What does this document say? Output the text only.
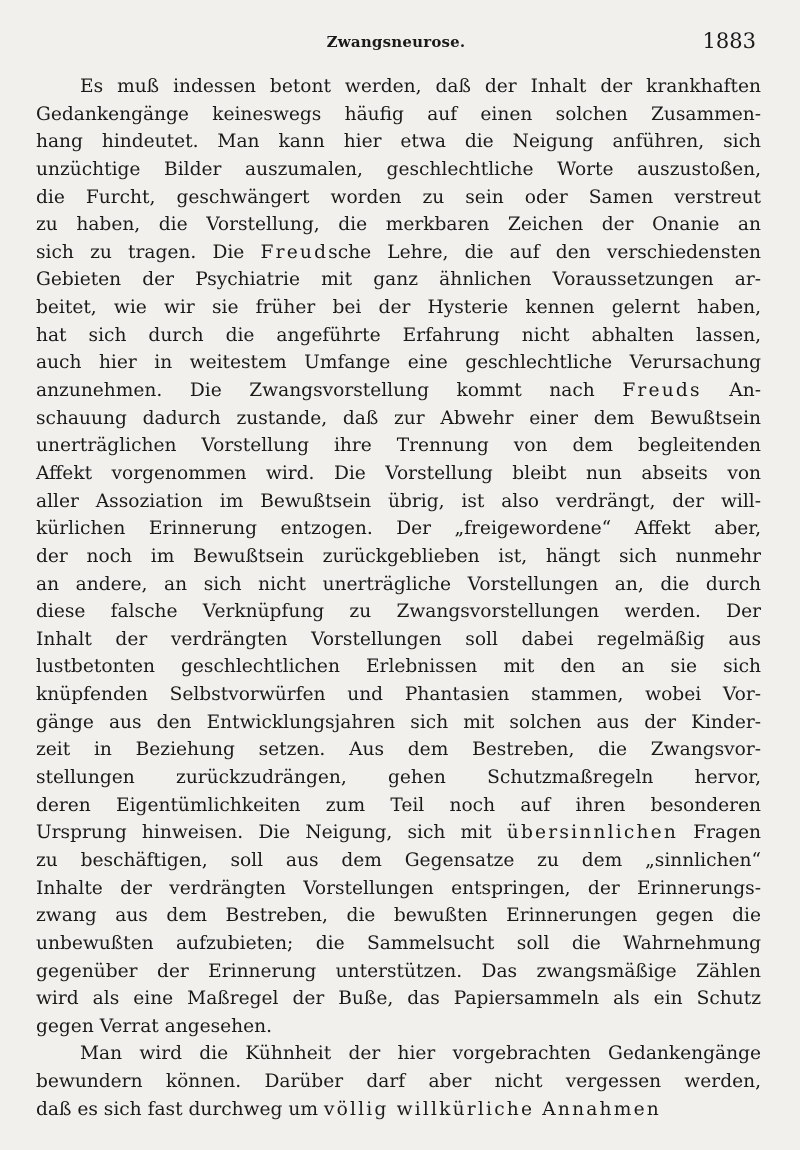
Zwangsneurose.	1883
Es muß indessen betont werden, daß der Inhalt der krankhaften
Gedankengänge keineswegs häufig auf einen solchen Zusammen-
hang hindeutet. Man kann hier etwa die Neigung anführen, sich
unzüchtige Bilder auszumalen, geschlechtliche Worte auszustoßen,
die Furcht, geschwängert worden zu sein oder Samen verstreut
zu haben, die Vorstellung, die merkbaren Zeichen der Onanie an
sich zu tragen. Die Freudsche Lehre, die auf den verschiedensten
Gebieten der Psychiatrie mit ganz ähnlichen Voraussetzungen ar-
beitet, wie wir sie früher bei der Hysterie kennen gelernt haben,
hat sich durch die angeführte Erfahrung nicht abhalten lassen,
auch hier in weitestem Umfange eine geschlechtliche Verursachung
anzunehmen. Die Zwangsvorstellung kommt nach Freuds An-
schauung dadurch zustande, daß zur Abwehr einer dem Bewußtsein
unerträglichen Vorstellung ihre Trennung von dem begleitenden
Affekt vorgenommen wird. Die Vorstellung bleibt nun abseits von
aller Assoziation im Bewußtsein übrig, ist also verdrängt, der will-
kürlichen Erinnerung entzogen. Der „freigewordene“ Affekt aber,
der noch im Bewußtsein zurückgeblieben ist, hängt sich nunmehr
an andere, an sich nicht unerträgliche Vorstellungen an, die durch
diese falsche Verknüpfung zu Zwangsvorstellungen werden. Der
Inhalt der verdrängten Vorstellungen soll dabei regelmäßig aus
lustbetonten geschlechtlichen Erlebnissen mit den an sie sich
knüpfenden Selbstvorwürfen und Phantasien stammen, wobei Vor-
gänge aus den Entwicklungsjahren sich mit solchen aus der Kinder-
zeit in Beziehung setzen. Aus dem Bestreben, die Zwangsvor-
stellungen zurückzudrängen, gehen Schutzmaßregeln hervor,
deren Eigentümlichkeiten zum Teil noch auf ihren besonderen
Ursprung hinweisen. Die Neigung, sich mit übersinnlichen Fragen
zu beschäftigen, soll aus dem Gegensatze zu dem „sinnlichen“
Inhalte der verdrängten Vorstellungen entspringen, der Erinnerungs-
zwang aus dem Bestreben, die bewußten Erinnerungen gegen die
unbewußten aufzubieten; die Sammelsucht soll die Wahrnehmung
gegenüber der Erinnerung unterstützen. Das zwangsmäßige Zählen
wird als eine Maßregel der Buße, das Papiersammeln als ein Schutz
gegen Verrat angesehen.
Man wird die Kühnheit der hier vorgebrachten Gedankengänge
bewundern können. Darüber darf aber nicht vergessen werden,
daß es sich fast durchweg um völlig willkürliche Annahmen
